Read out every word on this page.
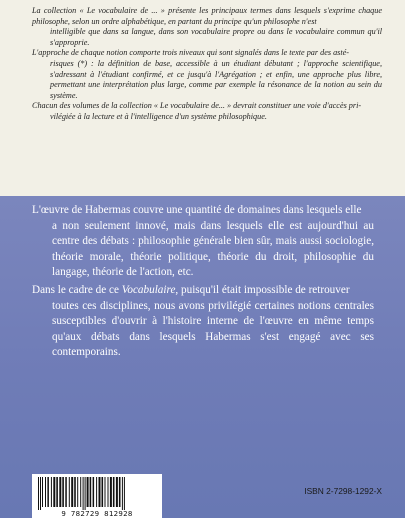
La collection « Le vocabulaire de ... » présente les principaux termes dans lesquels s'exprime chaque philosophe, selon un ordre alphabétique, en partant du principe qu'un philosophe n'est
intelligible que dans sa langue, dans son vocabulaire propre ou dans le vocabulaire commun qu'il s'approprie.

L'approche de chaque notion comporte trois niveaux qui sont signalés dans le texte par des asté-
risques (*) : la définition de base, accessible à un étudiant débutant ; l'approche scientifique, s'adressant à l'étudiant confirmé, et ce jusqu'à l'Agrégation ; et enfin, une approche plus libre, permettant une interprétation plus large, comme par exemple la résonance de la notion au sein du système.

Chacun des volumes de la collection « Le vocabulaire de... » devrait constituer une voie d'accès pri-
vilégiée à la lecture et à l'intelligence d'un système philosophique.

L'œuvre de Habermas couvre une quantité de domaines dans lesquels elle
a non seulement innové, mais dans lesquels elle est aujourd'hui au centre des débats : philosophie générale bien sûr, mais aussi sociologie, théorie morale, théorie politique, théorie du droit, philosophie du langage, théorie de l'action, etc.

Dans le cadre de ce Vocabulaire, puisqu'il était impossible de retrouver
toutes ces disciplines, nous avons privilégié certaines notions centrales susceptibles d'ouvrir à l'histoire interne de l'œuvre en même temps qu'aux débats dans lesquels Habermas s'est engagé avec ses contemporains.

9 782729 812928
ISBN 2-7298-1292-X
